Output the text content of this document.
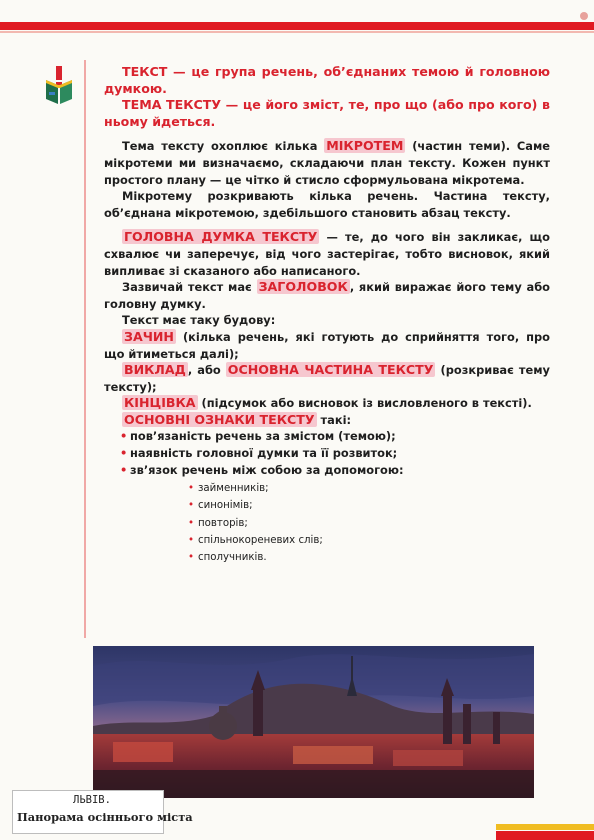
ТЕКСТ — це група речень, об’єднаних темою й головною думкою.

ТЕМА ТЕКСТУ — це його зміст, те, про що (або про кого) в ньому йдеться.

Тема тексту охоплює кілька МІКРОТЕМ (частин теми). Саме мікротеми ми визначаємо, складаючи план тексту. Кожен пункт простого плану — це чітко й стисло сформульована мікротема.

Мікротему розкривають кілька речень. Частина тексту, об’єднана мікротемою, здебільшого становить абзац тексту.

ГОЛОВНА ДУМКА ТЕКСТУ — те, до чого він закликає, що схвалює чи заперечує, від чого застерігає, тобто висновок, який випливає зі сказаного або написаного.

Зазвичай текст має ЗАГОЛОВОК , який виражає його тему або головну думку.

Текст має таку будову:

ЗАЧИН (кілька речень, які готують до сприйняття того, про що йтиметься далі);

ВИКЛАД , або ОСНОВНА ЧАСТИНА ТЕКСТУ (розкриває тему тексту);

КІНЦІВКА (підсумок або висновок із висловленого в тексті).

ОСНОВНІ ОЗНАКИ ТЕКСТУ такі:

• пов’язаність речень за змістом (темою);
• наявність головної думки та її розвиток;
• зв’язок речень між собою за допомогою:
• займенників;
• синонімів;
• повторів;
• спільнокореневих слів;
• сполучників.
ЛЬВІВ.
Панорама осіннього міста
